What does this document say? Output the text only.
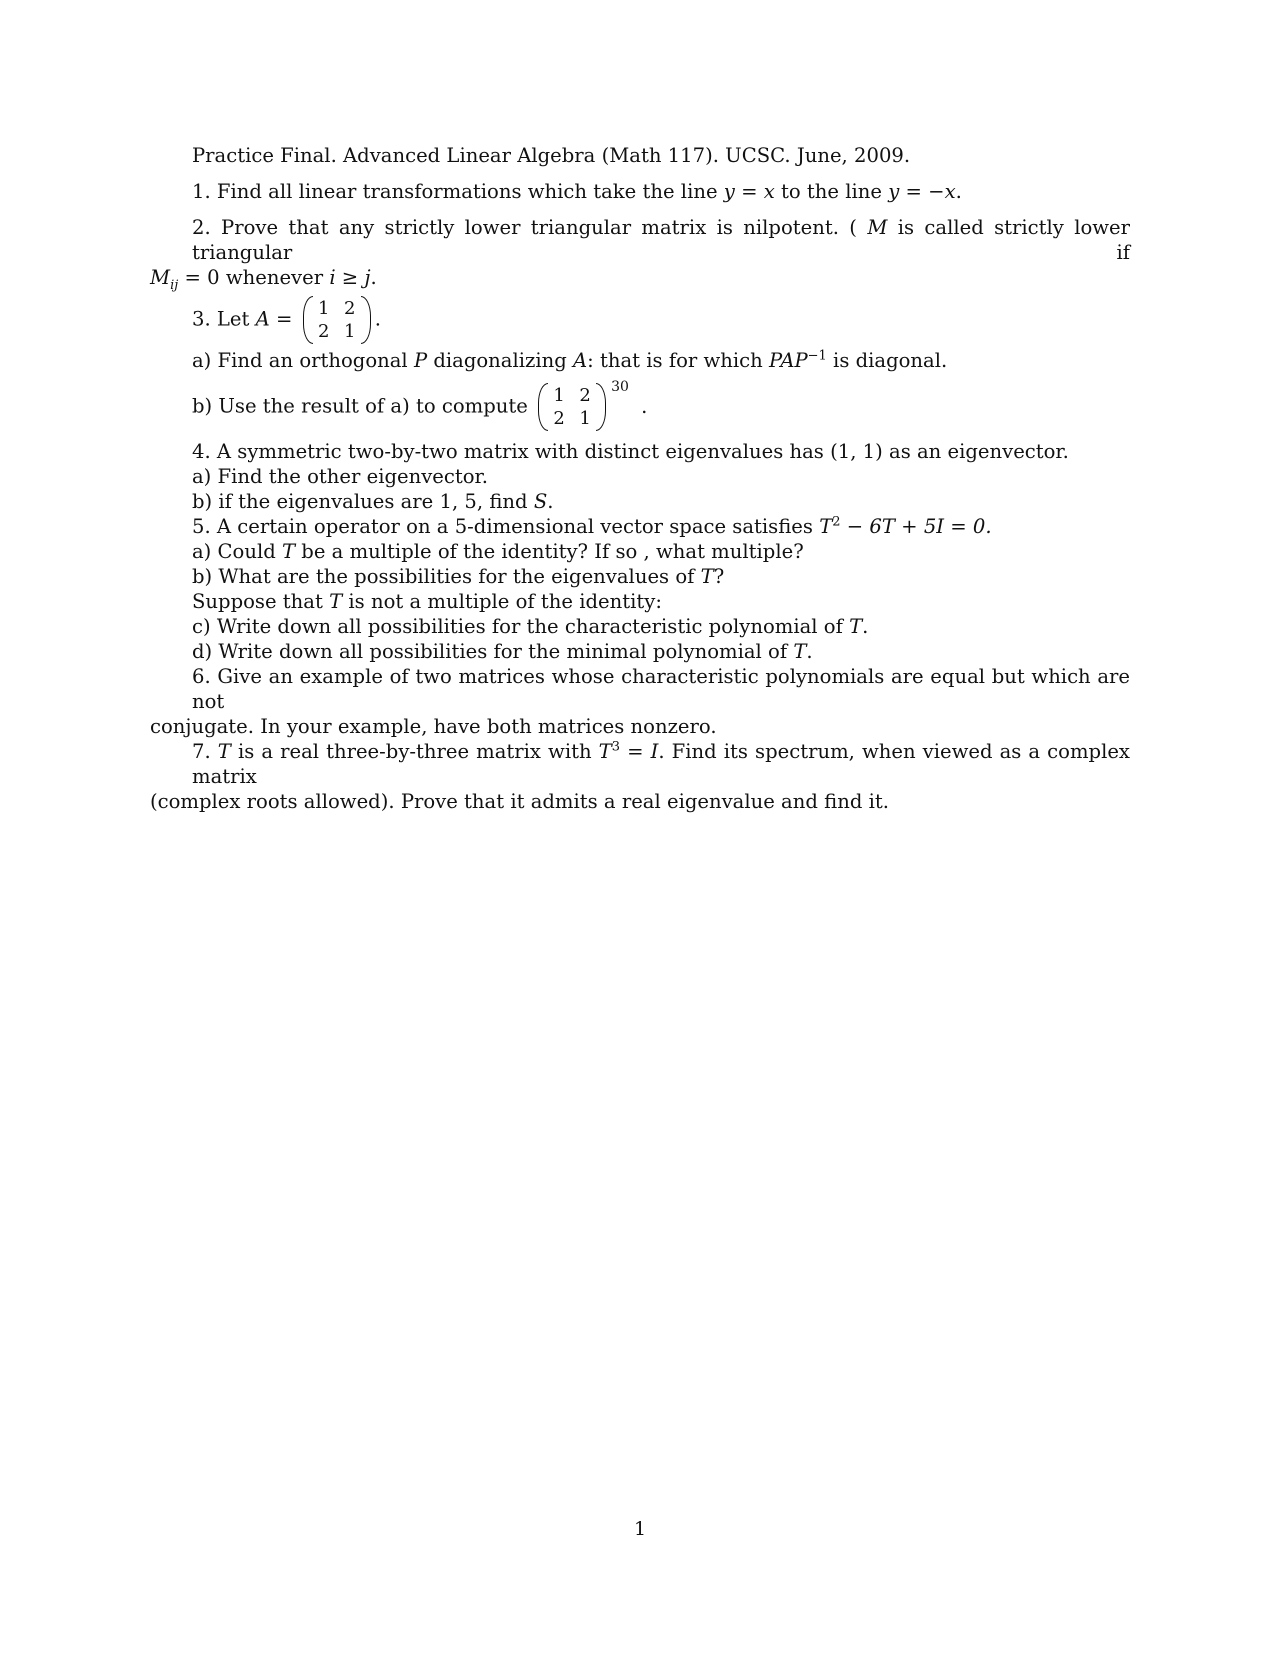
Practice Final. Advanced Linear Algebra (Math 117). UCSC. June, 2009.
1. Find all linear transformations which take the line y = x to the line y = −x.
2. Prove that any strictly lower triangular matrix is nilpotent. ( M is called strictly lower triangular if
$M_{ij} = 0$ whenever i ≥ j.
3. Let A = 1 2
2 1
.
a) Find an orthogonal P diagonalizing A: that is for which $PAP^{-1}$ is diagonal.
b) Use the result of a) to compute 1 2
2 1
$^{30}$ .
4. A symmetric two-by-two matrix with distinct eigenvalues has (1, 1) as an eigenvector.
a) Find the other eigenvector.
b) if the eigenvalues are 1, 5, find S.
5. A certain operator on a 5-dimensional vector space satisfies $T^2 - 6T + 5I = 0$.
a) Could T be a multiple of the identity? If so , what multiple?
b) What are the possibilities for the eigenvalues of T?
Suppose that T is not a multiple of the identity:
c) Write down all possibilities for the characteristic polynomial of T.
d) Write down all possibilities for the minimal polynomial of T.
6. Give an example of two matrices whose characteristic polynomials are equal but which are not
conjugate. In your example, have both matrices nonzero.
7. T is a real three-by-three matrix with $T^3 = I$. Find its spectrum, when viewed as a complex matrix
(complex roots allowed). Prove that it admits a real eigenvalue and find it.
1
